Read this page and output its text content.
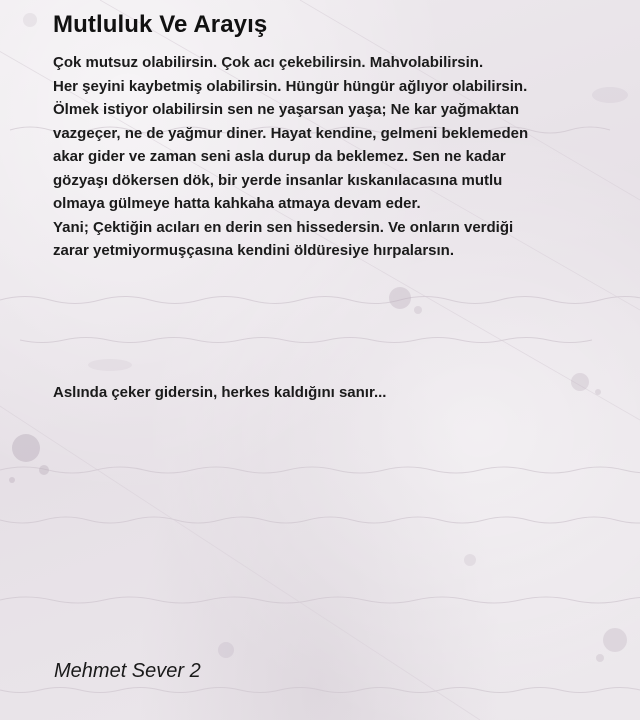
Mutluluk Ve Arayış
Çok mutsuz olabilirsin. Çok acı çekebilirsin. Mahvolabilirsin.
Her şeyini kaybetmiş olabilirsin. Hüngür hüngür ağlıyor olabilirsin.
Ölmek istiyor olabilirsin sen ne yaşarsan yaşa; Ne kar yağmaktan
vazgeçer, ne de yağmur diner. Hayat kendine, gelmeni beklemeden
akar gider ve zaman seni asla durup da beklemez. Sen ne kadar
gözyaşı dökersen dök, bir yerde insanlar kıskanılacasına mutlu
olmaya gülmeye hatta kahkaha atmaya devam eder.
Yani; Çektiğin acıları en derin sen hissedersin. Ve onların verdiği
zarar yetmiyormuşçasına kendini öldüresiye hırpalarsın.
Aslında çeker gidersin, herkes kaldığını sanır...
Mehmet Sever 2
